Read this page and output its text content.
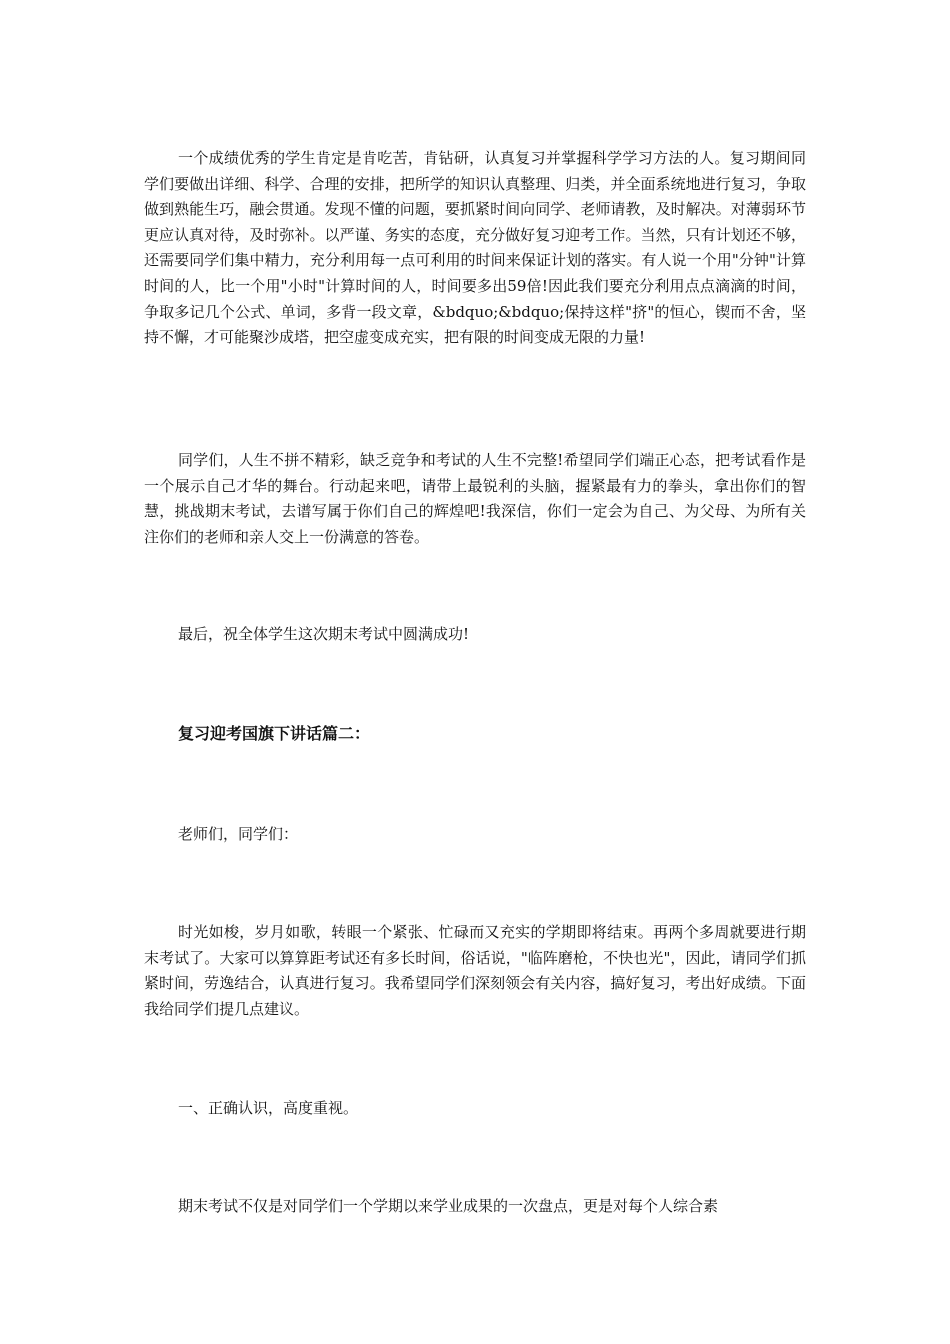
一个成绩优秀的学生肯定是肯吃苦，肯钻研，认真复习并掌握科学学习方法的人。复习期间同学们要做出详细、科学、合理的安排，把所学的知识认真整理、归类，并全面系统地进行复习，争取做到熟能生巧，融会贯通。发现不懂的问题，要抓紧时间向同学、老师请教，及时解决。对薄弱环节更应认真对待，及时弥补。以严谨、务实的态度，充分做好复习迎考工作。当然，只有计划还不够，还需要同学们集中精力，充分利用每一点可利用的时间来保证计划的落实。有人说一个用"分钟"计算时间的人，比一个用"小时"计算时间的人，时间要多出59倍!因此我们要充分利用点点滴滴的时间，争取多记几个公式、单词，多背一段文章，&bdquo;&bdquo;保持这样"挤"的恒心，锲而不舍，坚持不懈，才可能聚沙成塔，把空虚变成充实，把有限的时间变成无限的力量!

同学们，人生不拼不精彩，缺乏竞争和考试的人生不完整!希望同学们端正心态，把考试看作是一个展示自己才华的舞台。行动起来吧，请带上最锐利的头脑，握紧最有力的拳头，拿出你们的智慧，挑战期末考试，去谱写属于你们自己的辉煌吧!我深信，你们一定会为自己、为父母、为所有关注你们的老师和亲人交上一份满意的答卷。

最后，祝全体学生这次期末考试中圆满成功!

复习迎考国旗下讲话篇二：

老师们，同学们：

时光如梭，岁月如歌，转眼一个紧张、忙碌而又充实的学期即将结束。再两个多周就要进行期末考试了。大家可以算算距考试还有多长时间，俗话说，"临阵磨枪，不快也光"，因此，请同学们抓紧时间，劳逸结合，认真进行复习。我希望同学们深刻领会有关内容，搞好复习，考出好成绩。下面我给同学们提几点建议。

一、正确认识，高度重视。

期末考试不仅是对同学们一个学期以来学业成果的一次盘点，更是对每个人综合素
